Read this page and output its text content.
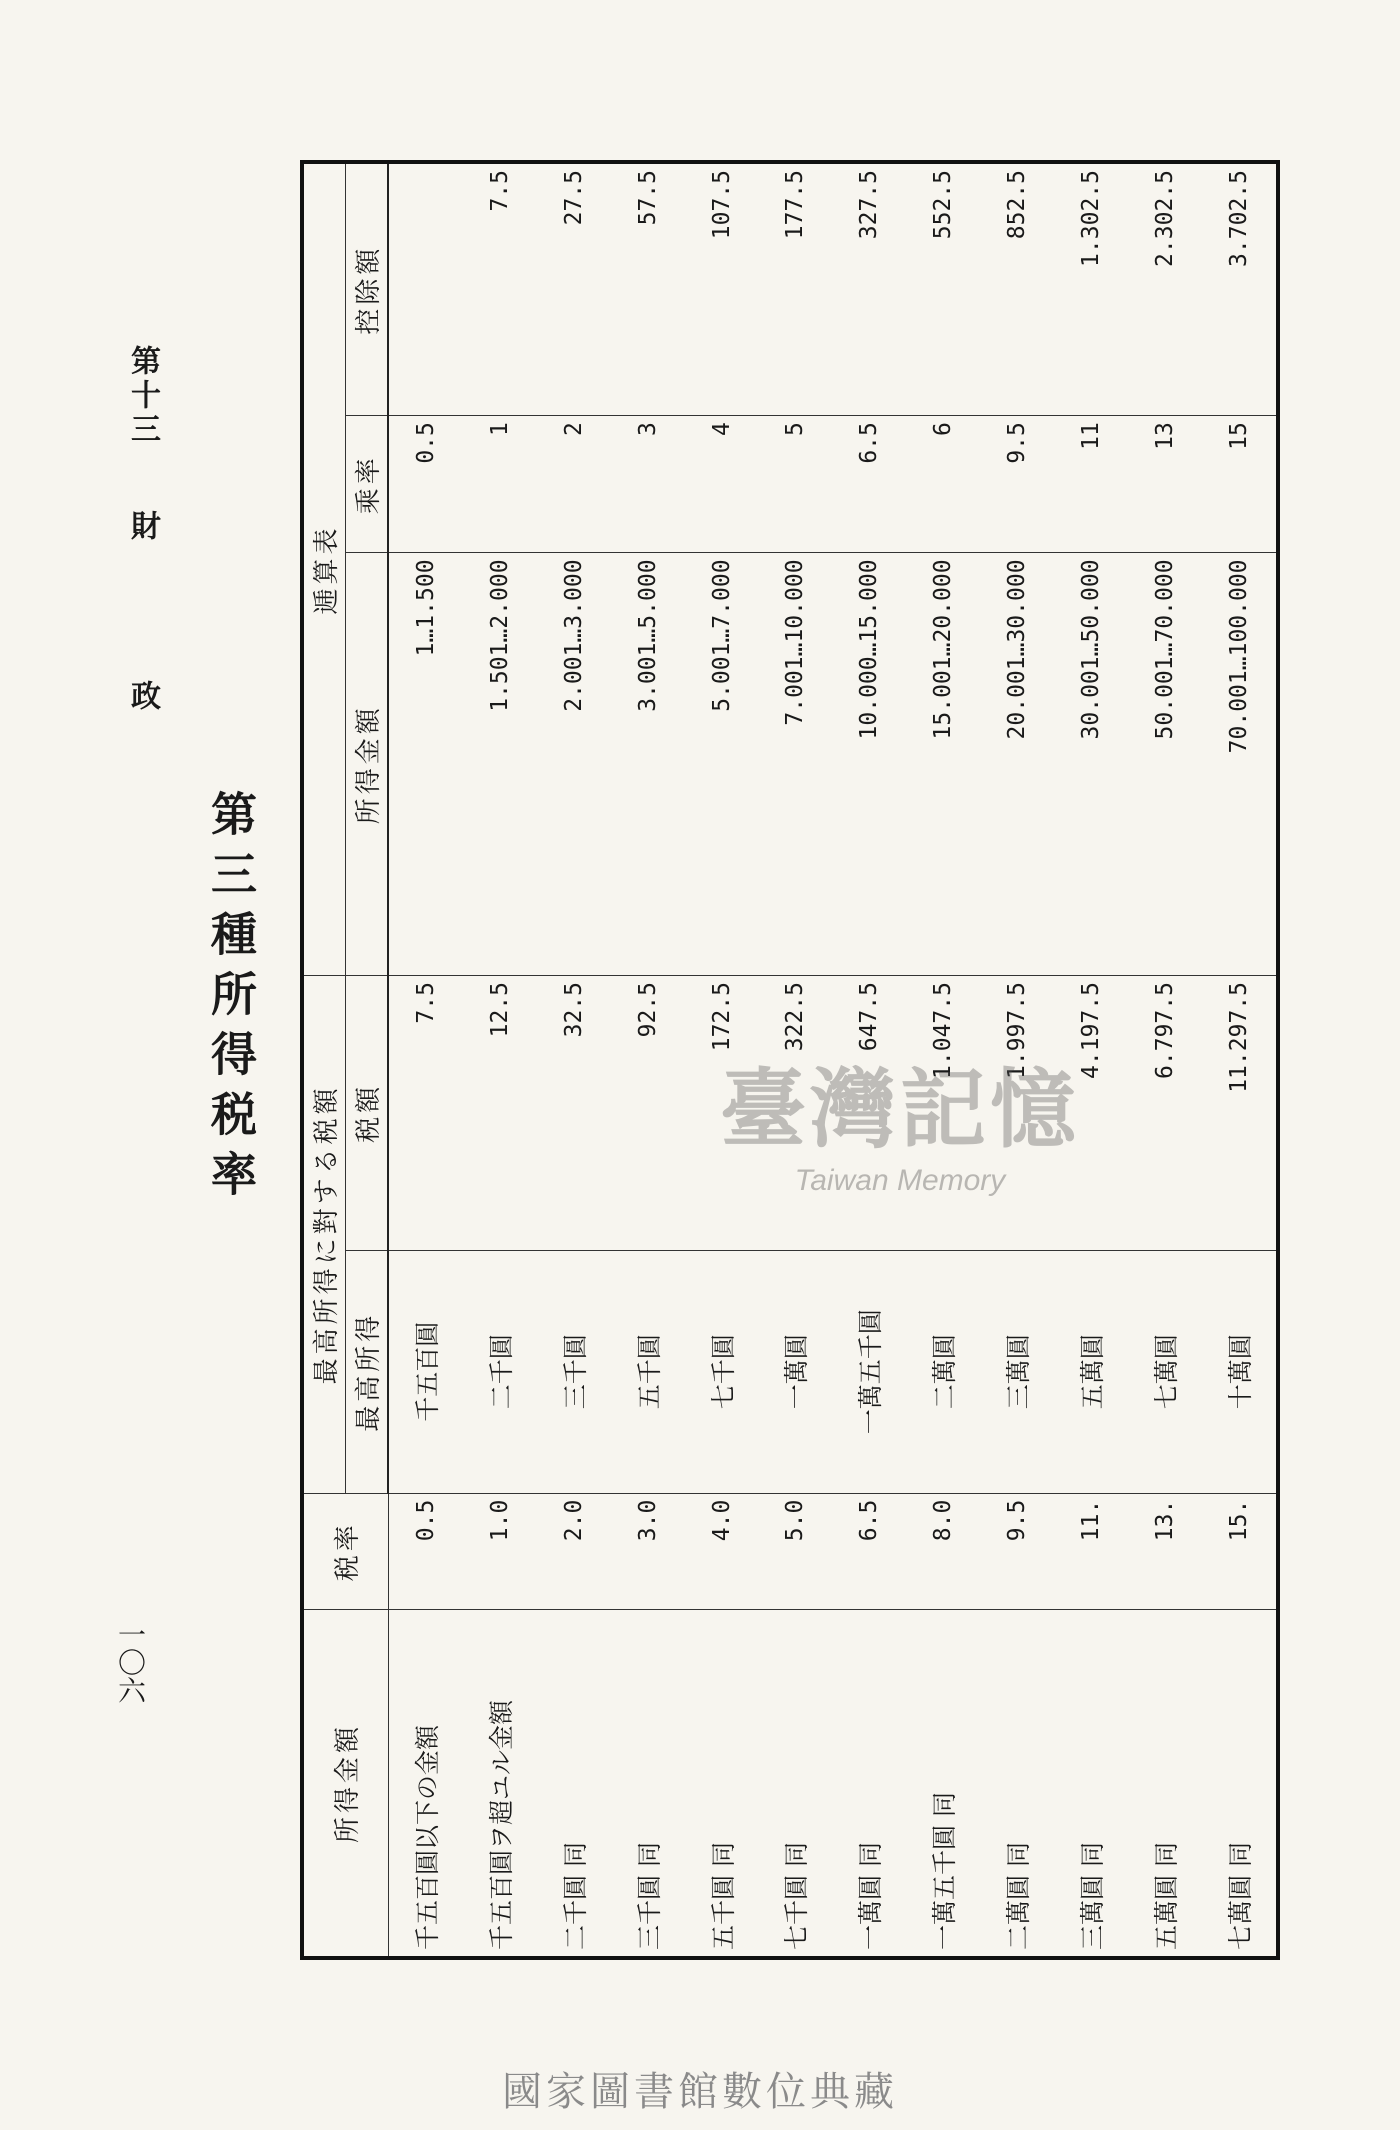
第十三
財
政
一〇六
第三種所得税率
所得金額	税率	最高所得に對する税額		逓算表		
		最高所得	税額	所得金額	乘率	控除額
千五百圓以下の金額	0.5	千五百圓	7.5	1…1.500	0.5	
千五百圓ヲ超ユル金額	1.0	二千圓	12.5	1.501…2.000	1	7.5
二千圓 同	2.0	三千圓	32.5	2.001…3.000	2	27.5
三千圓 同	3.0	五千圓	92.5	3.001…5.000	3	57.5
五千圓 同	4.0	七千圓	172.5	5.001…7.000	4	107.5
七千圓 同	5.0	一萬圓	322.5	7.001…10.000	5	177.5
一萬圓 同	6.5	一萬五千圓	647.5	10.000…15.000	6.5	327.5
一萬五千圓 同	8.0	二萬圓	1.047.5	15.001…20.000	6	552.5
二萬圓 同	9.5	三萬圓	1.997.5	20.001…30.000	9.5	852.5
三萬圓 同	11.	五萬圓	4.197.5	30.001…50.000	11	1.302.5
五萬圓 同	13.	七萬圓	6.797.5	50.001…70.000	13	2.302.5
七萬圓 同	15.	十萬圓	11.297.5	70.001…100.000	15	3.702.5
臺灣記憶
Taiwan Memory
國家圖書館數位典藏
